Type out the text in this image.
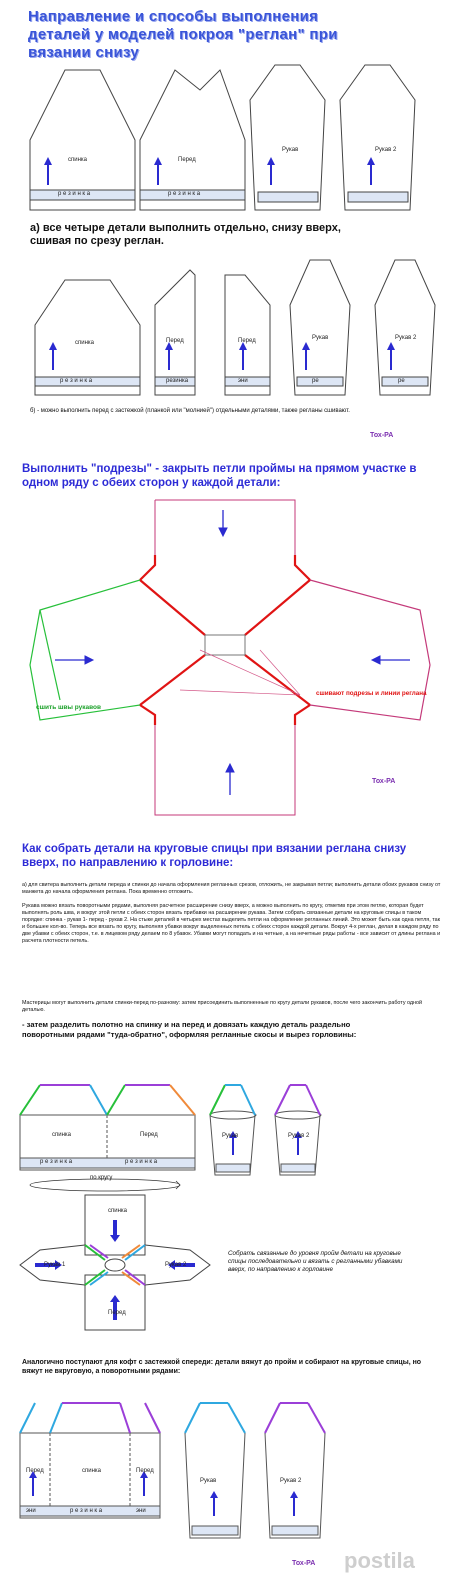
Направление и способы выполнения деталей у моделей покроя "реглан" при вязании снизу
спинка	Перед
Рукав	Рукав 2
р е з и н к а	р е з и н к а
а) все четыре детали выполнить отдельно, снизу вверх, сшивая по срезу реглан.
спинка	Перед	Перед	Рукав	Рукав 2
р е з и н к а	резинка	эни	ре	ре
б) - можно выполнить перед с застежкой (планкой или "молнией") отдельными деталями, также регланы сшивают.
Тох-PA
Выполнить "подрезы" - закрыть петли проймы на прямом участке в одном ряду с обеих сторон у каждой детали:
сшить швы рукавов
сшивают подрезы и линии реглана
Тох-PA
Как собрать детали на круговые спицы при вязании реглана снизу вверх, по направлению к горловине:
а) для свитера выполнить детали переда и спинки до начала оформления регланных срезов, отложить, не закрывая петли; выполнить детали обоих рукавов снизу от манжета до начала оформления реглана. Пока временно отложить.
Рукава можно вязать поворотными рядами, выполняя расчетное расширение снизу вверх, а можно выполнить по кругу, отметив при этом петлю, которая будет выполнять роль шва, и вокруг этой петли с обеих сторон вязать прибавки на расширение рукава. Затем собрать связанные детали на круговые спицы в таком порядке: спинка - рукав 1- перед - рукав 2. На стыке деталей в четырех местах выделить петли на оформление регланных линий. Это может быть как одна петля, так и большее кол-во. Теперь все вязать по кругу, выполняя убавки вокруг выделенных петель с обеих сторон каждой детали. Вокруг 4-х реглан, делая в каждом ряду по две убавки с обеих сторон, т.е. в лицевом ряду делаем по 8 убавок. Убавки могут попадать и на четные, а на нечетные ряды работы - все зависит от длины реглана и расчета плотности петель.
Мастерицы могут выполнить детали спинки-перед по-разному: затем присоединить выполненные по кругу детали рукавов, после чего закончить работу одной деталью.
- затем разделить полотно на спинку и на перед и довязать каждую деталь раздельно поворотными рядами "туда-обратно", оформляя регланные скосы и вырез горловины:
спинка	Перед	Рукав	Рукав 2
р е з и н к а	р е з и н к а
по кругу
спинка
Рукав 1	Рукав 2
Перед
Собрать связанные до уровня пройм детали на круговые спицы последовательно и вязать с регланными убавками вверх, по направлению к горловине
Аналогично поступают для кофт с застежкой спереди: детали вяжут до пройм и собирают на круговые спицы, но вяжут не вкруговую, а поворотными рядами:
Перед	спинка	Перед
Рукав	Рукав 2
эни	р е з и н к а	эни
Тох-PA postila
